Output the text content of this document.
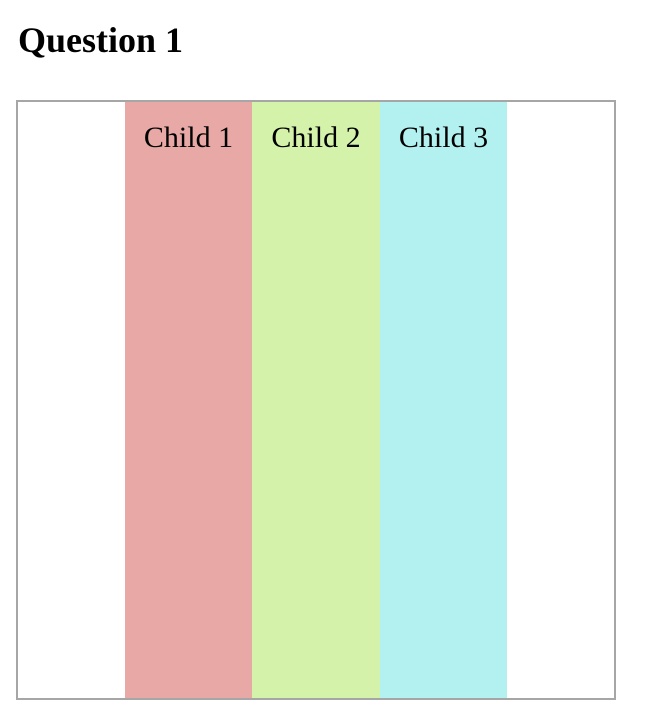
Question 1
Child 1	Child 2	Child 3
